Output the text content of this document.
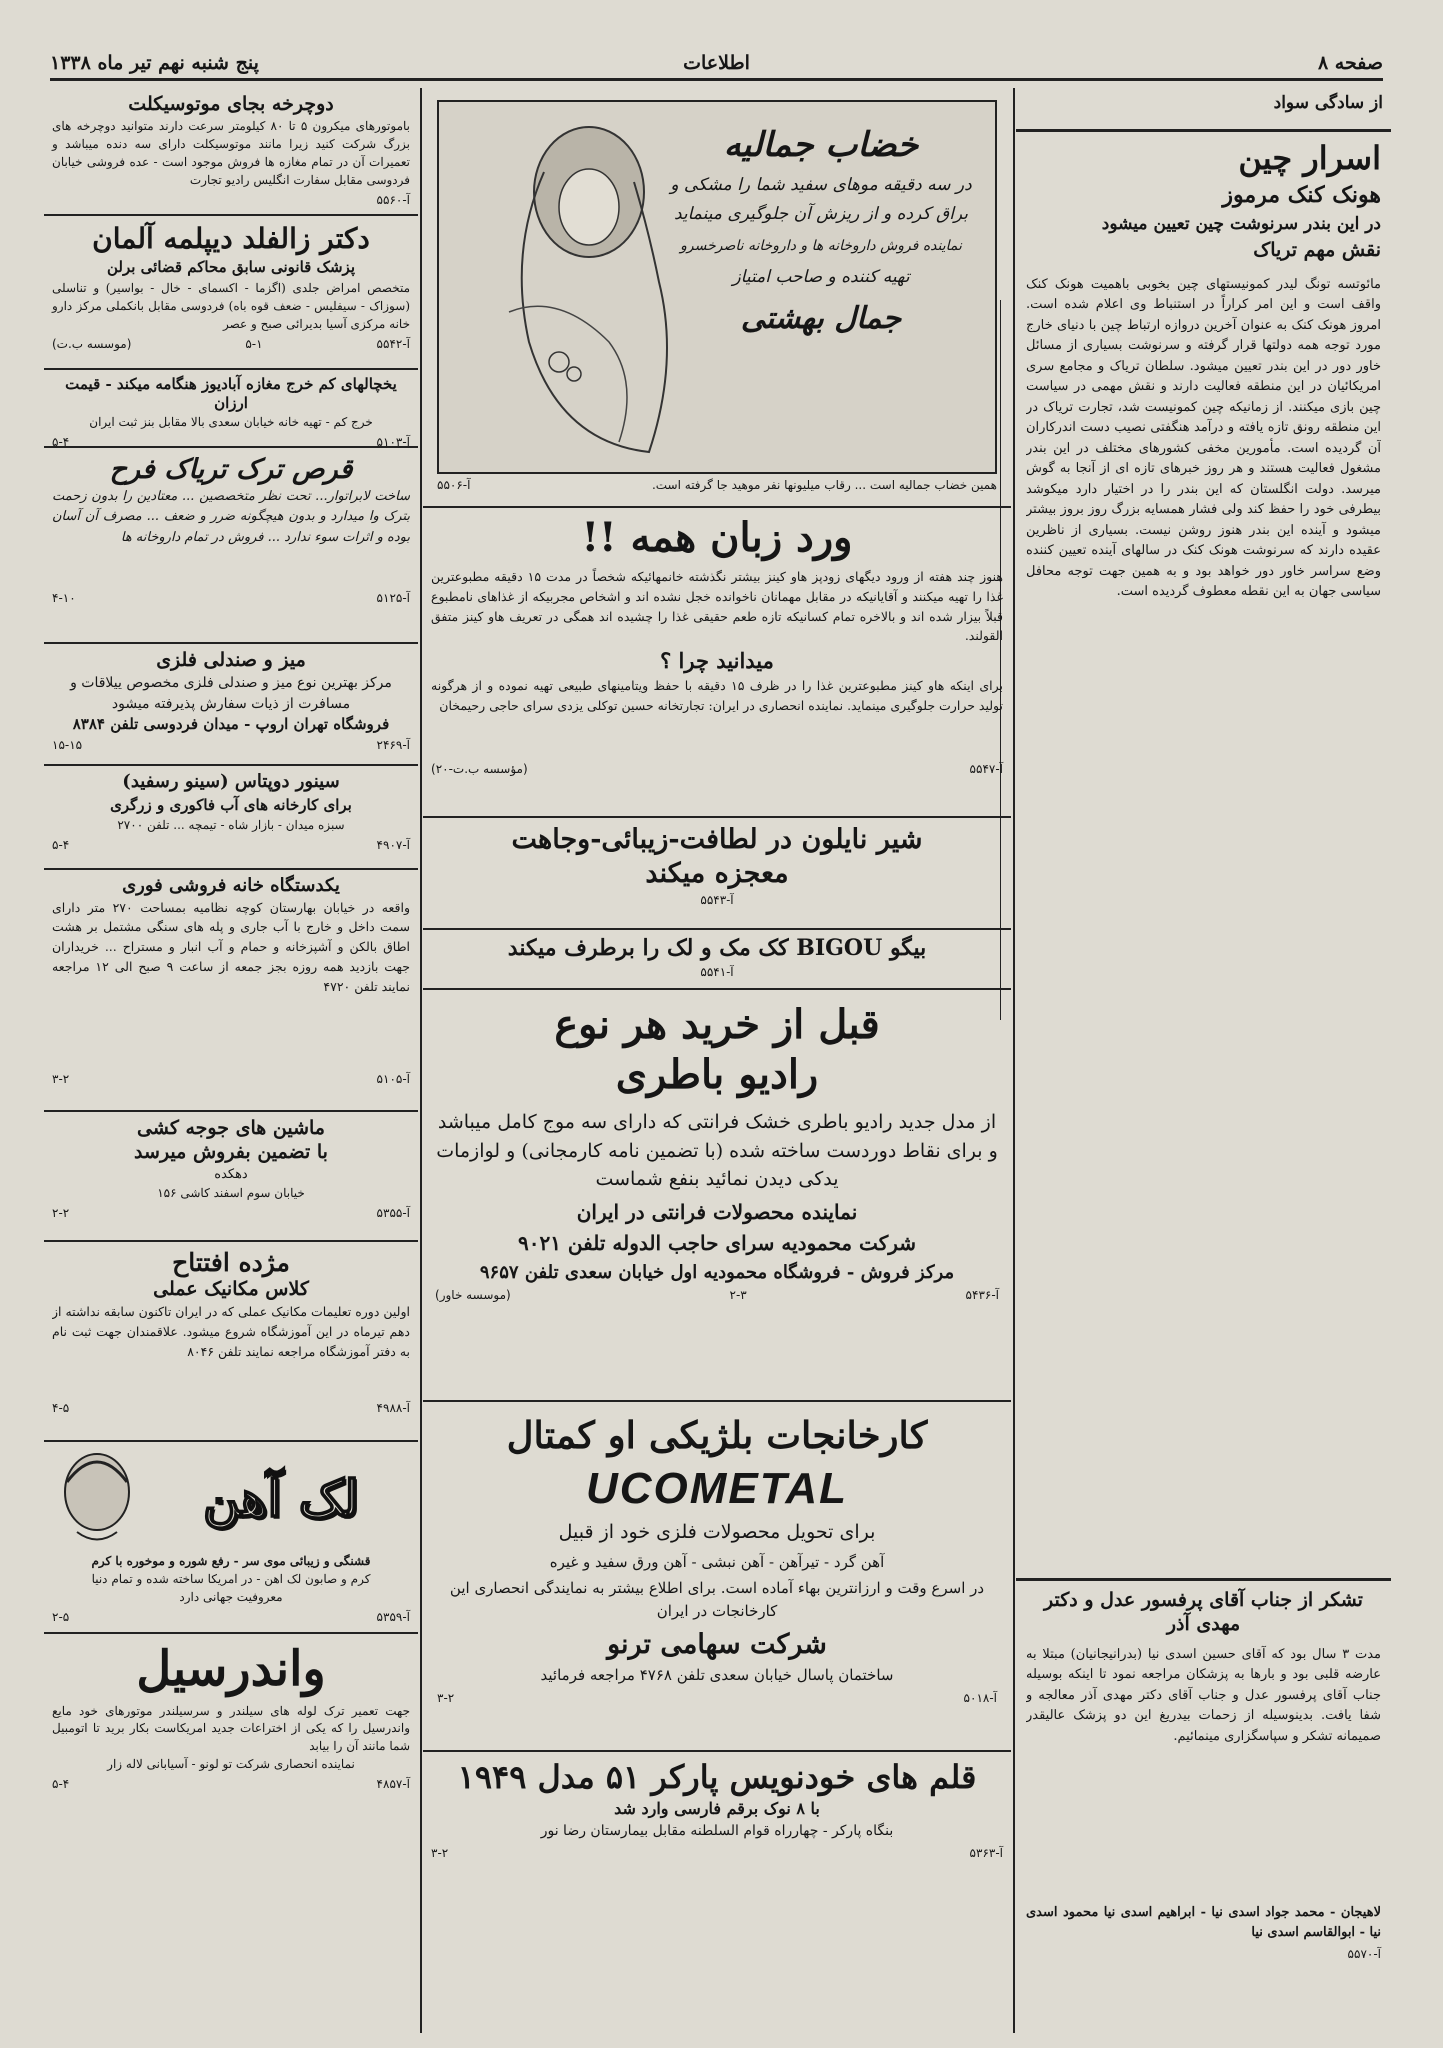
صفحه ۸
اطلاعات
پنج شنبه نهم تیر ماه ۱۳۳۸
از سادگی سواد
اسرار چین
هونک کنک مرموز
در این بندر سرنوشت چین تعیین میشود
نقش مهم تریاک

مائوتسه تونگ لیدر کمونیستهای چین بخوبی باهمیت هونک کنک واقف است و این امر کراراً در استنباط وی اعلام شده است. امروز هونک کنک به عنوان آخرین دروازه ارتباط چین با دنیای خارج مورد توجه همه دولتها قرار گرفته و سرنوشت بسیاری از مسائل خاور دور در این بندر تعیین میشود. سلطان تریاک و مجامع سری امریکائیان در این منطقه فعالیت دارند و نقش مهمی در سیاست چین بازی میکنند. از زمانیکه چین کمونیست شد، تجارت تریاک در این منطقه رونق تازه یافته و درآمد هنگفتی نصیب دست اندرکاران آن گردیده است. مأمورین مخفی کشورهای مختلف در این بندر مشغول فعالیت هستند و هر روز خبرهای تازه ای از آنجا به گوش میرسد. دولت انگلستان که این بندر را در اختیار دارد میکوشد بیطرفی خود را حفظ کند ولی فشار همسایه بزرگ روز بروز بیشتر میشود و آینده این بندر هنوز روشن نیست. بسیاری از ناظرین عقیده دارند که سرنوشت هونک کنک در سالهای آینده تعیین کننده وضع سراسر خاور دور خواهد بود و به همین جهت توجه محافل سیاسی جهان به این نقطه معطوف گردیده است.

تشکر از جناب آقای پرفسور عدل و دکتر مهدی آذر

مدت ۳ سال بود که آقای حسین اسدی نیا (بدرانیجانیان) مبتلا به عارضه قلبی بود و بارها به پزشکان مراجعه نمود تا اینکه بوسیله جناب آقای پرفسور عدل و جناب آقای دکتر مهدی آذر معالجه و شفا یافت. بدینوسیله از زحمات بیدریغ این دو پزشک عالیقدر صمیمانه تشکر و سپاسگزاری مینمائیم.

لاهیجان - محمد جواد اسدی نیا - ابراهیم اسدی نیا محمود اسدی نیا - ابوالقاسم اسدی نیا
آ-۵۵۷۰
خضاب جمالیه
در سه دقیقه موهای سفید شما را مشکی و
براق کرده و از ریزش آن جلوگیری مینماید
نماینده فروش داروخانه ها و داروخانه ناصرخسرو
تهیه کننده و صاحب امتیاز
جمال بهشتی
همین خضاب جمالیه است ... رقاب میلیونها نفر موهید جا گرفته است.
آ-۵۵۰۶
ورد زبان همه !!

هنوز چند هفته از ورود دیگهای زودپز هاو کینز بیشتر نگذشته خانمهائیکه شخصاً در مدت ۱۵ دقیقه مطبوعترین غذا را تهیه میکنند و آقایانیکه در مقابل مهمانان ناخوانده خجل نشده اند و اشخاص مجربیکه از غذاهای نامطبوع قبلاً بیزار شده اند و بالاخره تمام کسانیکه تازه طعم حقیقی غذا را چشیده اند همگی در تعریف هاو کینز متفق القولند.

میدانید چرا ؟

برای اینکه هاو کینز مطبوعترین غذا را در ظرف ۱۵ دقیقه با حفظ ویتامینهای طبیعی تهیه نموده و از هرگونه تولید حرارت جلوگیری مینماید. نماینده انحصاری در ایران: تجارتخانه حسین توکلی یزدی سرای حاجی رحیمخان

آ-۵۵۴۷
(مؤسسه ب.ت-۲۰)
شیر نایلون در لطافت-زیبائی-وجاهت
معجزه میکند
آ-۵۵۴۳
بیگو BIGOU کک مک و لک را برطرف میکند
آ-۵۵۴۱
قبل از خرید هر نوع
رادیو باطری

از مدل جدید رادیو باطری خشک فرانتی که دارای سه موج کامل میباشد و برای نقاط دوردست ساخته شده (با تضمین نامه کارمجانی) و لوازمات یدکی دیدن نمائید بنفع شماست

نماینده محصولات فرانتی در ایران
شرکت محمودیه سرای حاجب الدوله تلفن ۹۰۲۱
مرکز فروش - فروشگاه محمودیه اول خیابان سعدی تلفن ۹۶۵۷
آ-۵۴۳۶
۲-۳
(موسسه خاور)
کارخانجات بلژیکی او کمتال
UCOMETAL
برای تحویل محصولات فلزی خود از قبیل
آهن گرد - تیرآهن - آهن نبشی - آهن ورق سفید و غیره
در اسرع وقت و ارزانترین بهاء آماده است. برای اطلاع بیشتر به نمایندگی انحصاری این کارخانجات در ایران
شرکت سهامی ترنو
ساختمان پاسال خیابان سعدی تلفن ۴۷۶۸ مراجعه فرمائید
آ-۵۰۱۸
۳-۲
قلم های خودنویس پارکر ۵۱ مدل ۱۹۴۹
با ۸ نوک برقم فارسی وارد شد
بنگاه پارکر - چهارراه قوام السلطنه مقابل بیمارستان رضا نور
آ-۵۳۶۳
۳-۲
دوچرخه بجای موتوسیکلت

باموتورهای میکرون ۵ تا ۸۰ کیلومتر سرعت دارند متوانید دوچرخه های بزرگ شرکت کنید زیرا مانند موتوسیکلت دارای سه دنده میباشد و تعمیرات آن در تمام مغازه ها فروش موجود است - عده فروشی خیابان فردوسی مقابل سفارت انگلیس رادیو تجارت

آ-۵۵۶۰
دکتر زالفلد دیپلمه آلمان
پزشک قانونی سابق محاکم قضائی برلن

متخصص امراض جلدی (اگزما - اکسمای - خال - بواسیر) و تناسلی (سوزاک - سیفلیس - ضعف قوه باه) فردوسی مقابل بانکملی مرکز دارو خانه مرکزی آسیا بدیرائی صبح و عصر

آ-۵۵۴۲
۵-۱
(موسسه ب.ت)
یخچالهای کم خرج مغازه آبادیوز هنگامه میکند - قیمت ارزان
خرج کم - تهیه خانه خیابان سعدی بالا مقابل بنز ثبت ایران
آ-۵۱۰۳
۵-۴
قرص ترک تریاک فرح

ساخت لابراتوار... تحت نظر متخصصین ... معتادین را بدون زحمت بترک وا میدارد و بدون هیچگونه ضرر و ضعف ... مصرف آن آسان بوده و اثرات سوء ندارد ... فروش در تمام داروخانه ها

آ-۵۱۲۵
۴-۱۰
میز و صندلی فلزی
مرکز بهترین نوع میز و صندلی فلزی مخصوص ییلاقات و مسافرت از ذیات سفارش پذیرفته میشود
فروشگاه تهران اروپ - میدان فردوسی تلفن ۸۳۸۴
آ-۲۴۶۹
۱۵-۱۵
سینور دوپتاس (سینو رسفید)
برای کارخانه های آب فاکوری و زرگری
سبزه میدان - بازار شاه - تیمچه ... تلفن ۲۷۰۰
آ-۴۹۰۷
۵-۴
یکدستگاه خانه فروشی فوری

واقعه در خیابان بهارستان کوچه نظامیه بمساحت ۲۷۰ متر دارای سمت داخل و خارج با آب جاری و پله های سنگی مشتمل بر هشت اطاق بالکن و آشپزخانه و حمام و آب انبار و مستراح ... خریداران جهت بازدید همه روزه بجز جمعه از ساعت ۹ صبح الی ۱۲ مراجعه نمایند تلفن ۴۷۲۰

آ-۵۱۰۵
۳-۲
ماشین های جوجه کشی
با تضمین بفروش میرسد
دهکده
خیابان سوم اسفند کاشی ۱۵۶
آ-۵۳۵۵
۲-۲
مژده افتتاح
کلاس مکانیک عملی

اولین دوره تعلیمات مکانیک عملی که در ایران تاکنون سابقه نداشته از دهم تیرماه در این آموزشگاه شروع میشود. علاقمندان جهت ثبت نام به دفتر آموزشگاه مراجعه نمایند تلفن ۸۰۴۶

آ-۴۹۸۸
۴-۵
لک آهن
قشنگی و زیبائی موی سر - رفع شوره و موخوره با کرم
کرم و صابون لک اهن - در امریکا ساخته شده و تمام دنیا
معروفیت جهانی دارد
آ-۵۳۵۹
۲-۵
واندرسیل

جهت تعمیر ترک لوله های سیلندر و سرسیلندر موتورهای خود مایع واندرسیل را که یکی از اختراعات جدید امریکاست بکار برید تا اتومبیل شما مانند آن را بیابد

نماینده انحصاری شرکت تو لونو - آسیابانی لاله زار
آ-۴۸۵۷
۵-۴
